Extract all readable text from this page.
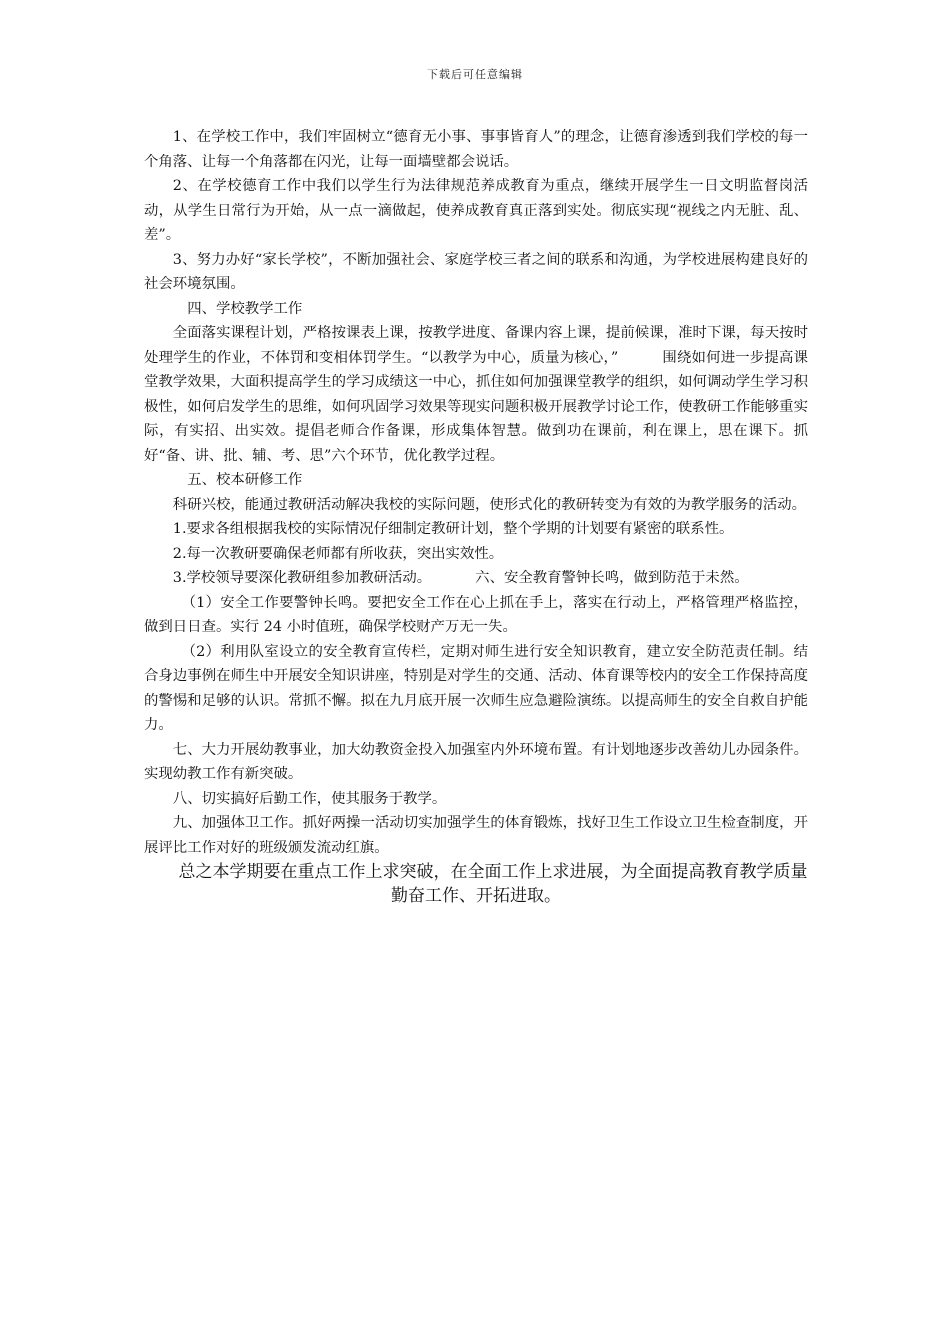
下载后可任意编辑

1、在学校工作中，我们牢固树立“德育无小事、事事皆育人”的理念，让德育渗透到我们学校的每一个角落、让每一个角落都在闪光，让每一面墙壁都会说话。

2、在学校德育工作中我们以学生行为法律规范养成教育为重点，继续开展学生一日文明监督岗活动，从学生日常行为开始，从一点一滴做起，使养成教育真正落到实处。彻底实现“视线之内无脏、乱、差”。

3、努力办好“家长学校”，不断加强社会、家庭学校三者之间的联系和沟通，为学校进展构建良好的社会环境氛围。

四、学校教学工作

全面落实课程计划，严格按课表上课，按教学进度、备课内容上课，提前候课，准时下课，每天按时处理学生的作业，不体罚和变相体罚学生。“以教学为中心，质量为核心，”	围绕如何进一步提高课堂教学效果，大面积提高学生的学习成绩这一中心，抓住如何加强课堂教学的组织，如何调动学生学习积极性，如何启发学生的思维，如何巩固学习效果等现实问题积极开展教学讨论工作，使教研工作能够重实际，有实招、出实效。提倡老师合作备课，形成集体智慧。做到功在课前，利在课上，思在课下。抓好“备、讲、批、辅、考、思”六个环节，优化教学过程。

五、校本研修工作

科研兴校，能通过教研活动解决我校的实际问题，使形式化的教研转变为有效的为教学服务的活动。

1.要求各组根据我校的实际情况仔细制定教研计划，整个学期的计划要有紧密的联系性。

2.每一次教研要确保老师都有所收获，突出实效性。

3.学校领导要深化教研组参加教研活动。	六、安全教育警钟长鸣，做到防范于未然。

（1）安全工作要警钟长鸣。要把安全工作在心上抓在手上，落实在行动上，严格管理严格监控，做到日日查。实行 24 小时值班，确保学校财产万无一失。

（2）利用队室设立的安全教育宣传栏，定期对师生进行安全知识教育，建立安全防范责任制。结合身边事例在师生中开展安全知识讲座，特别是对学生的交通、活动、体育课等校内的安全工作保持高度的警惕和足够的认识。常抓不懈。拟在九月底开展一次师生应急避险演练。以提高师生的安全自救自护能力。

七、大力开展幼教事业，加大幼教资金投入加强室内外环境布置。有计划地逐步改善幼儿办园条件。实现幼教工作有新突破。

八、切实搞好后勤工作，使其服务于教学。

九、加强体卫工作。抓好两操一活动切实加强学生的体育锻炼，找好卫生工作设立卫生检查制度，开展评比工作对好的班级颁发流动红旗。

总之本学期要在重点工作上求突破，在全面工作上求进展，为全面提高教育教学质量勤奋工作、开拓进取。
